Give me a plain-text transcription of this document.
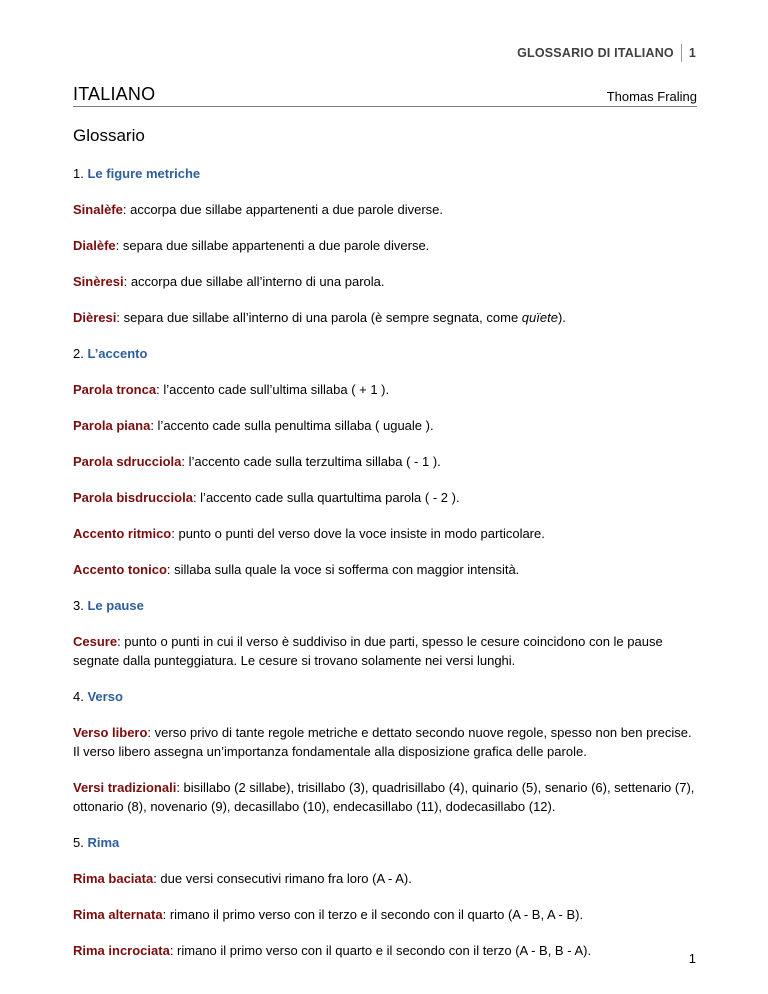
GLOSSARIO DI ITALIANO 1
ITALIANO	Thomas Fraling
Glossario
1. Le figure metriche
Sinalèfe: accorpa due sillabe appartenenti a due parole diverse.
Dialèfe: separa due sillabe appartenenti a due parole diverse.
Sinèresi: accorpa due sillabe all’interno di una parola.
Dièresi: separa due sillabe all’interno di una parola (è sempre segnata, come quïete).
2. L’accento
Parola tronca: l’accento cade sull’ultima sillaba ( + 1 ).
Parola piana: l’accento cade sulla penultima sillaba ( uguale ).
Parola sdrucciola: l’accento cade sulla terzultima sillaba ( - 1 ).
Parola bisdrucciola: l’accento cade sulla quartultima parola ( - 2 ).
Accento ritmico: punto o punti del verso dove la voce insiste in modo particolare.
Accento tonico: sillaba sulla quale la voce si sofferma con maggior intensità.
3. Le pause
Cesure: punto o punti in cui il verso è suddiviso in due parti, spesso le cesure coincidono con le pause segnate dalla punteggiatura. Le cesure si trovano solamente nei versi lunghi.
4. Verso
Verso libero: verso privo di tante regole metriche e dettato secondo nuove regole, spesso non ben precise. Il verso libero assegna un’importanza fondamentale alla disposizione grafica delle parole.
Versi tradizionali: bisillabo (2 sillabe), trisillabo (3), quadrisillabo (4), quinario (5), senario (6), settenario (7), ottonario (8), novenario (9), decasillabo (10), endecasillabo (11), dodecasillabo (12).
5. Rima
Rima baciata: due versi consecutivi rimano fra loro (A - A).
Rima alternata: rimano il primo verso con il terzo e il secondo con il quarto (A - B, A - B).
Rima incrociata: rimano il primo verso con il quarto e il secondo con il terzo (A - B, B - A).
1
